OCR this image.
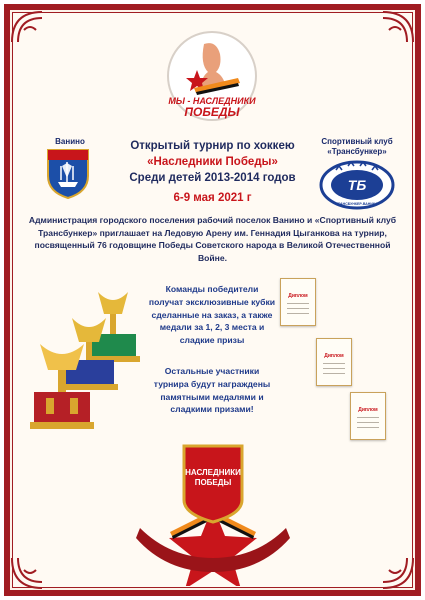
МЫ - НАСЛЕДНИКИ
ПОБЕДЫ
Ванино	Открытый турнир по хоккею
«Наследники Победы»
Среди детей 2013-2014 годов
6-9 мая 2021 г
Спортивный клуб
«Трансбункер»
ТБ
ТРАНСБУНКЕР-ВАНИНО
Администрация городского поселения рабочий поселок Ванино и «Спортивный клуб Трансбункер» приглашает на Ледовую Арену им. Геннадия Цыганкова на турнир, посвященный 76 годовщине Победы Советского народа в Великой Отечественной Войне.
Команды победители получат эксклюзивные кубки сделанные на заказ, а также медали за 1, 2, 3 места и сладкие призы
Остальные участники турнира будут награждены памятными медалями и сладкими призами!
Диплом
Диплом
Диплом
НАСЛЕДНИКИ
ПОБЕДЫ
